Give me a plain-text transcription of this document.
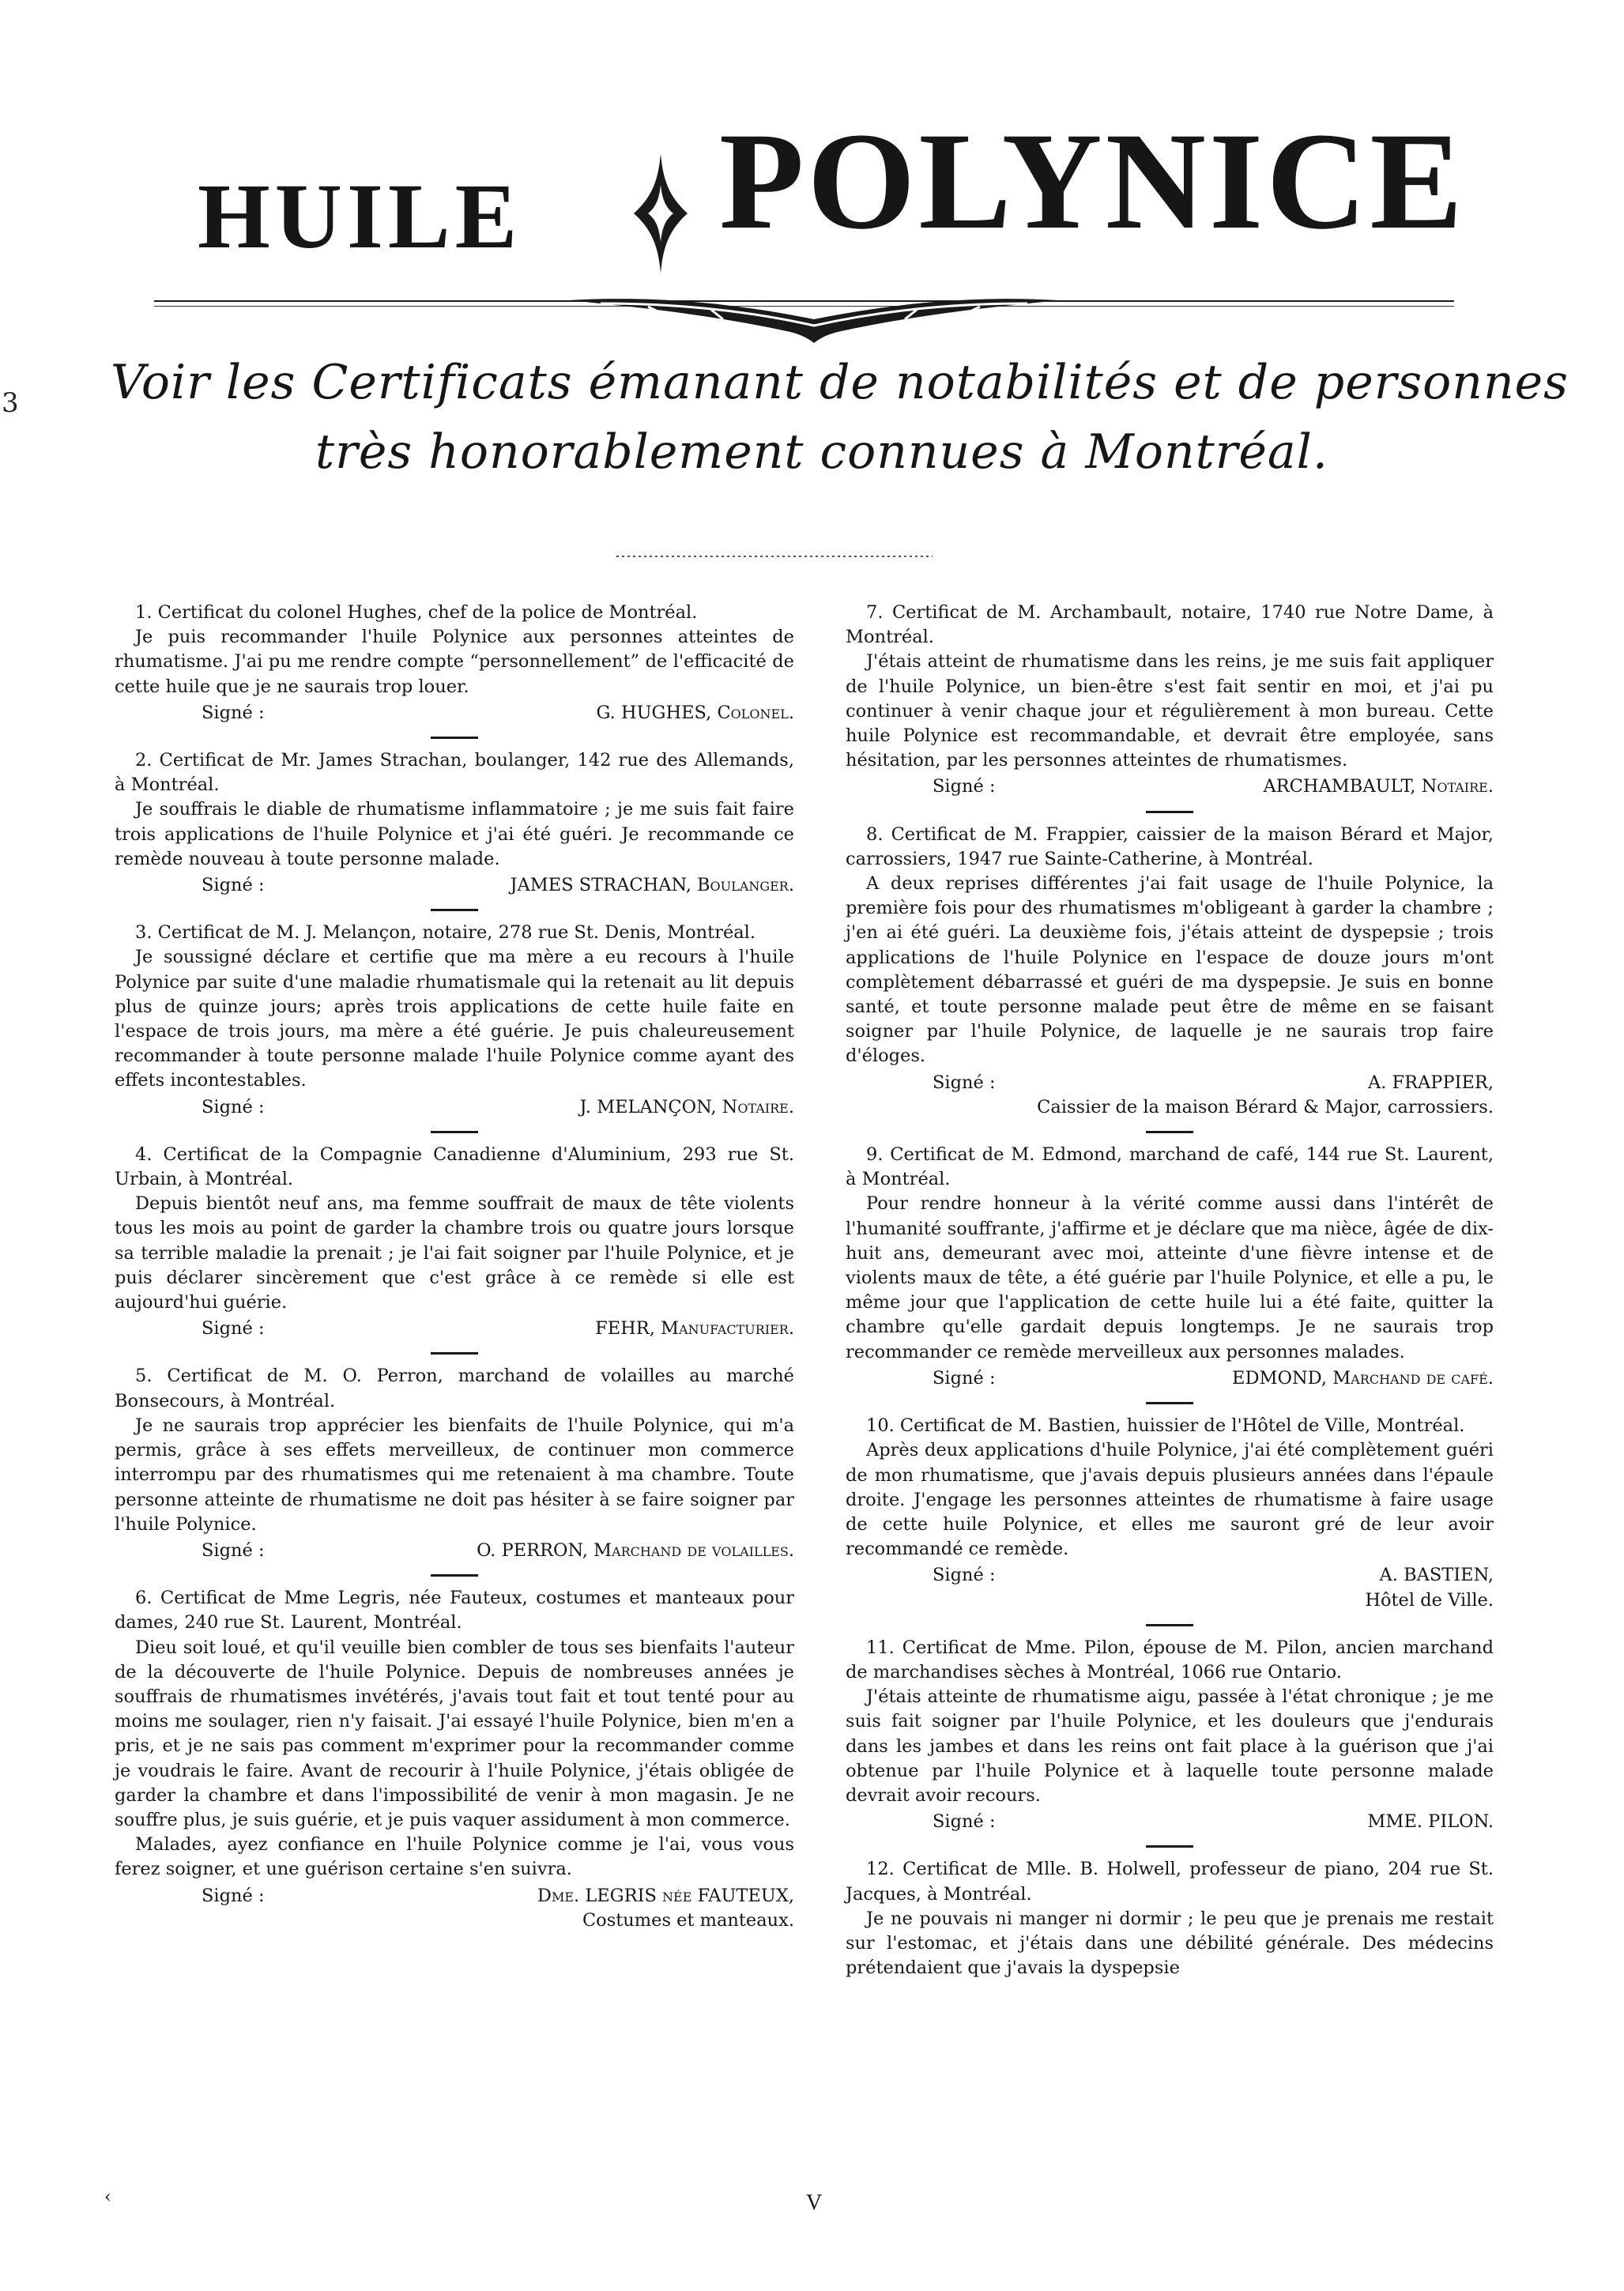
HUILE POLYNICE
3 Voir les Certificats émanant de notabilités et de personnes
très honorablement connues à Montréal.
1. Certificat du colonel Hughes, chef de la police de Montréal.
Je puis recommander l'huile Polynice aux personnes atteintes de rhumatisme. J'ai pu me rendre compte “personnellement” de l'efficacité de cette huile que je ne saurais trop louer.
Signé :	G. HUGHES, Colonel.
2. Certificat de Mr. James Strachan, boulanger, 142 rue des Allemands, à Montréal.
Je souffrais le diable de rhumatisme inflammatoire ; je me suis fait faire trois applications de l'huile Polynice et j'ai été guéri. Je recommande ce remède nouveau à toute personne malade.
Signé :	JAMES STRACHAN, Boulanger.
3. Certificat de M. J. Melançon, notaire, 278 rue St. Denis, Montréal.
Je soussigné déclare et certifie que ma mère a eu recours à l'huile Polynice par suite d'une maladie rhumatismale qui la retenait au lit depuis plus de quinze jours; après trois applications de cette huile faite en l'espace de trois jours, ma mère a été guérie. Je puis chaleureusement recommander à toute personne malade l'huile Polynice comme ayant des effets incontestables.
Signé :	J. MELANÇON, Notaire.
4. Certificat de la Compagnie Canadienne d'Aluminium, 293 rue St. Urbain, à Montréal.
Depuis bientôt neuf ans, ma femme souffrait de maux de tête violents tous les mois au point de garder la chambre trois ou quatre jours lorsque sa terrible maladie la prenait ; je l'ai fait soigner par l'huile Polynice, et je puis déclarer sincèrement que c'est grâce à ce remède si elle est aujourd'hui guérie.
Signé :	FEHR, Manufacturier.
5. Certificat de M. O. Perron, marchand de volailles au marché Bonsecours, à Montréal.
Je ne saurais trop apprécier les bienfaits de l'huile Polynice, qui m'a permis, grâce à ses effets merveilleux, de continuer mon commerce interrompu par des rhumatismes qui me retenaient à ma chambre. Toute personne atteinte de rhumatisme ne doit pas hésiter à se faire soigner par l'huile Polynice.
Signé :	O. PERRON, Marchand de volailles.
6. Certificat de Mme Legris, née Fauteux, costumes et manteaux pour dames, 240 rue St. Laurent, Montréal.
Dieu soit loué, et qu'il veuille bien combler de tous ses bienfaits l'auteur de la découverte de l'huile Polynice. Depuis de nombreuses années je souffrais de rhumatismes invétérés, j'avais tout fait et tout tenté pour au moins me soulager, rien n'y faisait. J'ai essayé l'huile Polynice, bien m'en a pris, et je ne sais pas comment m'exprimer pour la recommander comme je voudrais le faire. Avant de recourir à l'huile Polynice, j'étais obligée de garder la chambre et dans l'impossibilité de venir à mon magasin. Je ne souffre plus, je suis guérie, et je puis vaquer assidument à mon commerce.
Malades, ayez confiance en l'huile Polynice comme je l'ai, vous vous ferez soigner, et une guérison certaine s'en suivra.
Signé :	Dme. LEGRIS née FAUTEUX,
Costumes et manteaux.
7. Certificat de M. Archambault, notaire, 1740 rue Notre Dame, à Montréal.
J'étais atteint de rhumatisme dans les reins, je me suis fait appliquer de l'huile Polynice, un bien-être s'est fait sentir en moi, et j'ai pu continuer à venir chaque jour et régulièrement à mon bureau. Cette huile Polynice est recommandable, et devrait être employée, sans hésitation, par les personnes atteintes de rhumatismes.
Signé :	ARCHAMBAULT, Notaire.
8. Certificat de M. Frappier, caissier de la maison Bérard et Major, carrossiers, 1947 rue Sainte-Catherine, à Montréal.
A deux reprises différentes j'ai fait usage de l'huile Polynice, la première fois pour des rhumatismes m'obligeant à garder la chambre ; j'en ai été guéri. La deuxième fois, j'étais atteint de dyspepsie ; trois applications de l'huile Polynice en l'espace de douze jours m'ont complètement débarrassé et guéri de ma dyspepsie. Je suis en bonne santé, et toute personne malade peut être de même en se faisant soigner par l'huile Polynice, de laquelle je ne saurais trop faire d'éloges.
Signé :	A. FRAPPIER,
Caissier de la maison Bérard & Major, carrossiers.
9. Certificat de M. Edmond, marchand de café, 144 rue St. Laurent, à Montréal.
Pour rendre honneur à la vérité comme aussi dans l'intérêt de l'humanité souffrante, j'affirme et je déclare que ma nièce, âgée de dix-huit ans, demeurant avec moi, atteinte d'une fièvre intense et de violents maux de tête, a été guérie par l'huile Polynice, et elle a pu, le même jour que l'application de cette huile lui a été faite, quitter la chambre qu'elle gardait depuis longtemps. Je ne saurais trop recommander ce remède merveilleux aux personnes malades.
Signé :	EDMOND, Marchand de café.
10. Certificat de M. Bastien, huissier de l'Hôtel de Ville, Montréal.
Après deux applications d'huile Polynice, j'ai été complètement guéri de mon rhumatisme, que j'avais depuis plusieurs années dans l'épaule droite. J'engage les personnes atteintes de rhumatisme à faire usage de cette huile Polynice, et elles me sauront gré de leur avoir recommandé ce remède.
Signé :	A. BASTIEN,
Hôtel de Ville.
11. Certificat de Mme. Pilon, épouse de M. Pilon, ancien marchand de marchandises sèches à Montréal, 1066 rue Ontario.
J'étais atteinte de rhumatisme aigu, passée à l'état chronique ; je me suis fait soigner par l'huile Polynice, et les douleurs que j'endurais dans les jambes et dans les reins ont fait place à la guérison que j'ai obtenue par l'huile Polynice et à laquelle toute personne malade devrait avoir recours.
Signé :	MME. PILON.
12. Certificat de Mlle. B. Holwell, professeur de piano, 204 rue St. Jacques, à Montréal.
Je ne pouvais ni manger ni dormir ; le peu que je prenais me restait sur l'estomac, et j'étais dans une débilité générale. Des médecins prétendaient que j'avais la dyspepsie
‹	V
